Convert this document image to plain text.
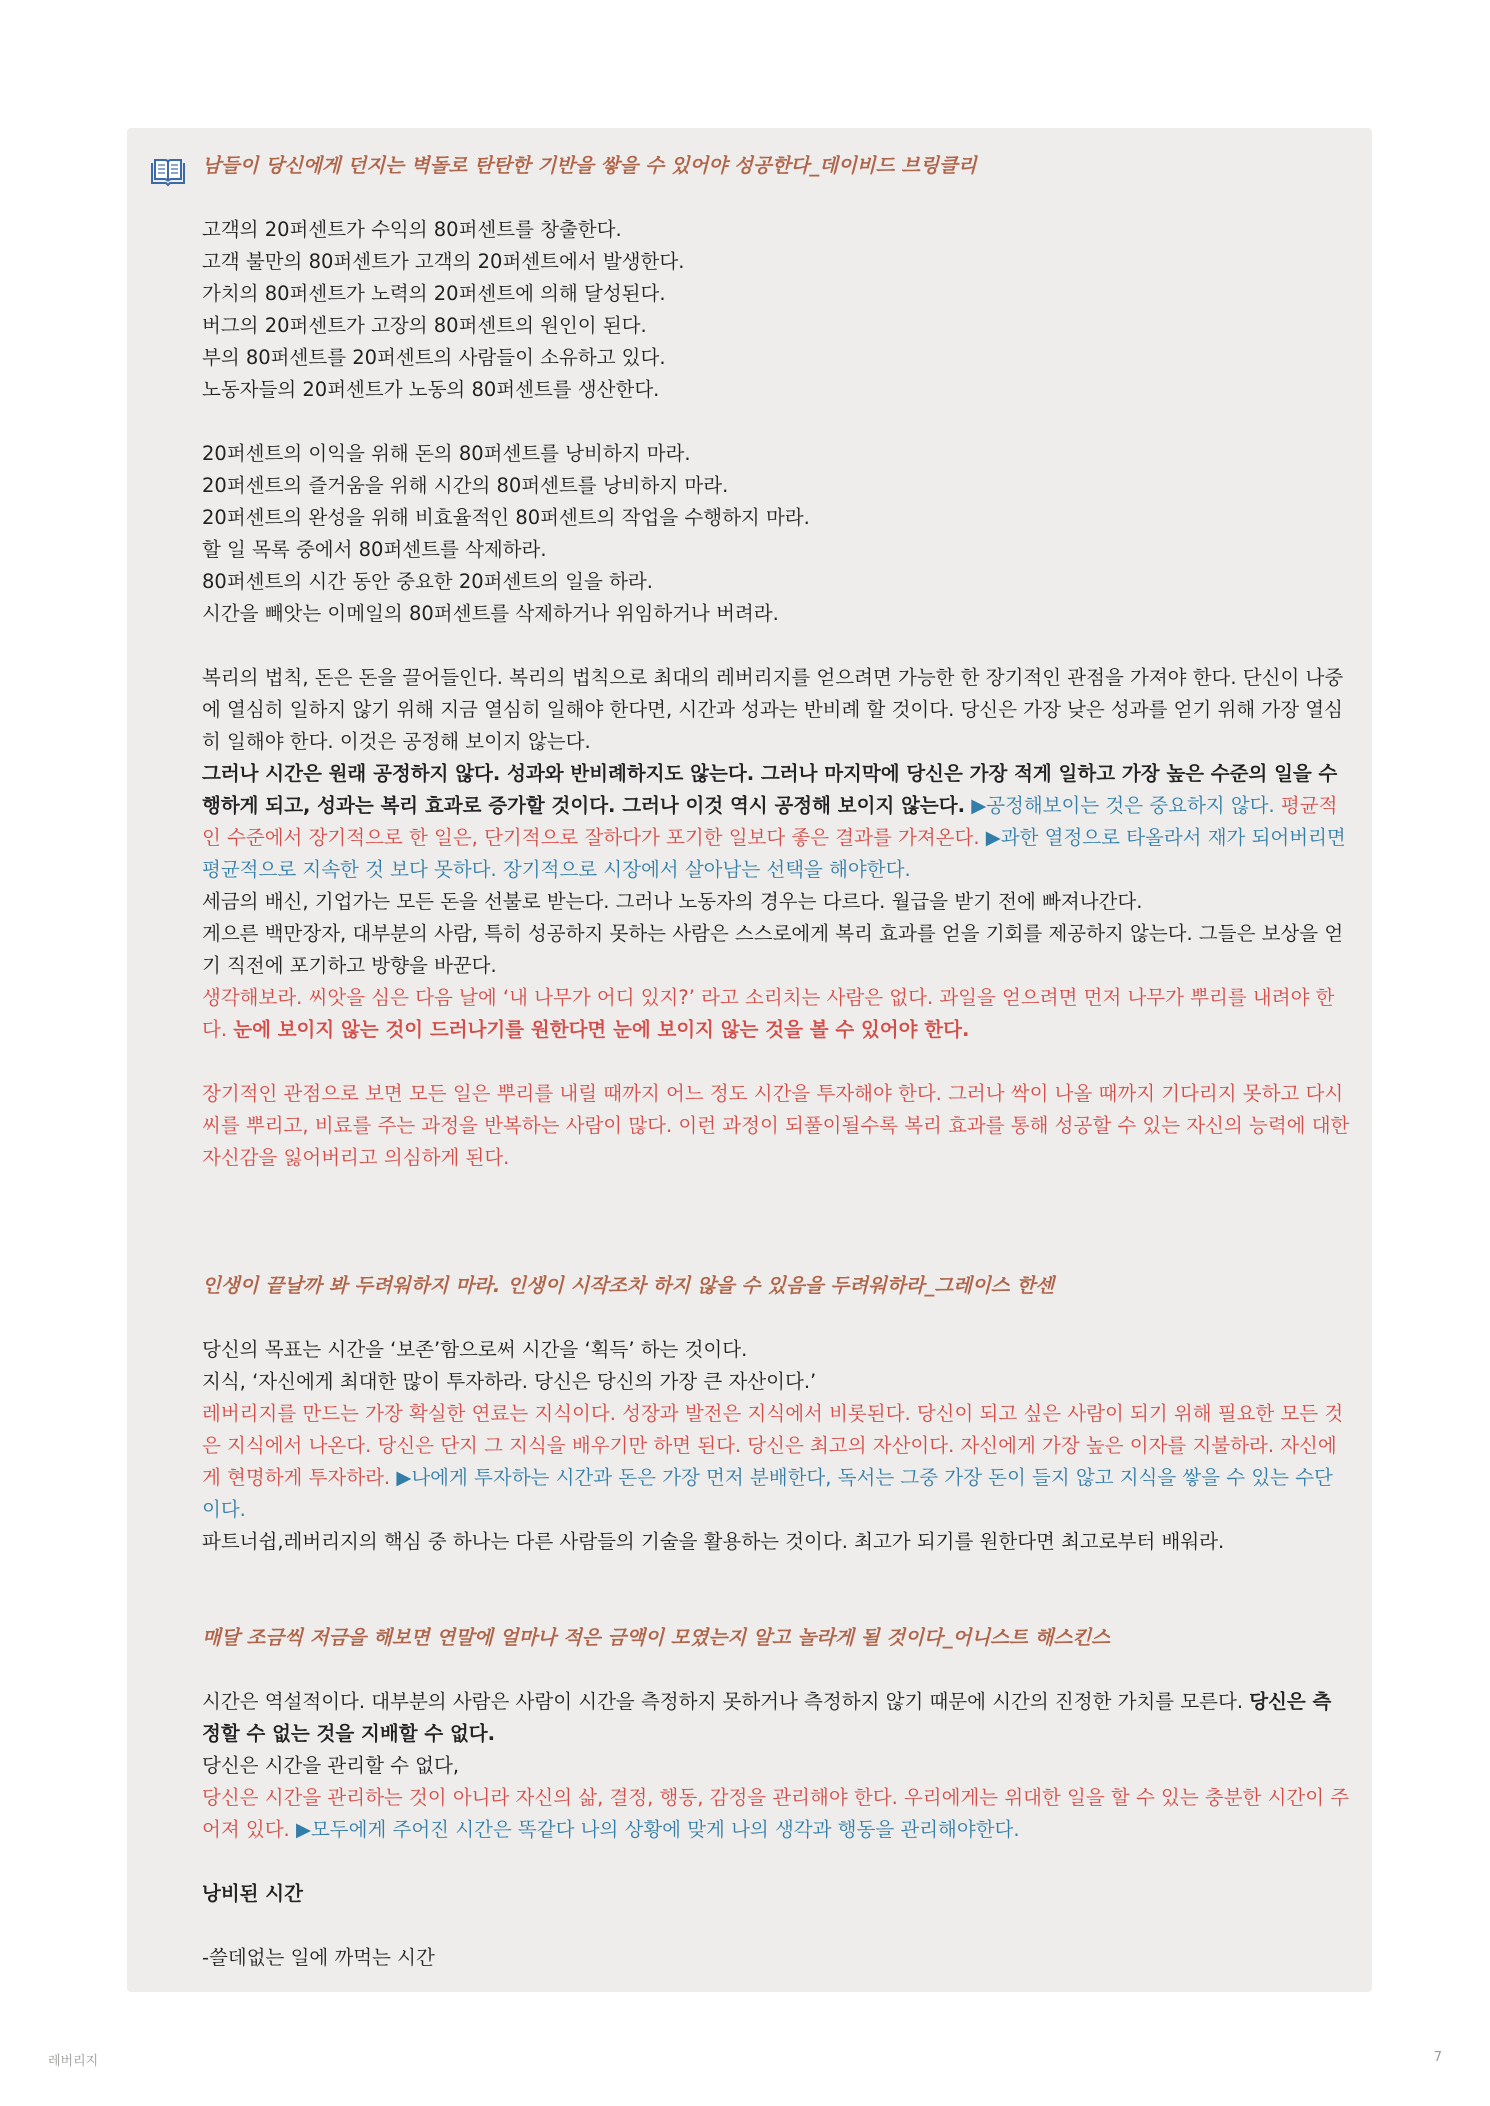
남들이 당신에게 던지는 벽돌로 탄탄한 기반을 쌓을 수 있어야 성공한다_데이비드 브링클리

고객의 20퍼센트가 수익의 80퍼센트를 창출한다.

고객 불만의 80퍼센트가 고객의 20퍼센트에서 발생한다.

가치의 80퍼센트가 노력의 20퍼센트에 의해 달성된다.

버그의 20퍼센트가 고장의 80퍼센트의 원인이 된다.

부의 80퍼센트를 20퍼센트의 사람들이 소유하고 있다.

노동자들의 20퍼센트가 노동의 80퍼센트를 생산한다.

20퍼센트의 이익을 위해 돈의 80퍼센트를 낭비하지 마라.

20퍼센트의 즐거움을 위해 시간의 80퍼센트를 낭비하지 마라.

20퍼센트의 완성을 위해 비효율적인 80퍼센트의 작업을 수행하지 마라.

할 일 목록 중에서 80퍼센트를 삭제하라.

80퍼센트의 시간 동안 중요한 20퍼센트의 일을 하라.

시간을 빼앗는 이메일의 80퍼센트를 삭제하거나 위임하거나 버려라.

복리의 법칙, 돈은 돈을 끌어들인다. 복리의 법칙으로 최대의 레버리지를 얻으려면 가능한 한 장기적인 관점을 가져야 한다. 단신이 나중에 열심히 일하지 않기 위해 지금 열심히 일해야 한다면, 시간과 성과는 반비례 할 것이다. 당신은 가장 낮은 성과를 얻기 위해 가장 열심히 일해야 한다. 이것은 공정해 보이지 않는다.

그러나 시간은 원래 공정하지 않다. 성과와 반비례하지도 않는다. 그러나 마지막에 당신은 가장 적게 일하고 가장 높은 수준의 일을 수행하게 되고, 성과는 복리 효과로 증가할 것이다. 그러나 이것 역시 공정해 보이지 않는다. ▶공정해보이는 것은 중요하지 않다. 평균적인 수준에서 장기적으로 한 일은, 단기적으로 잘하다가 포기한 일보다 좋은 결과를 가져온다. ▶과한 열정으로 타올라서 재가 되어버리면 평균적으로 지속한 것 보다 못하다. 장기적으로 시장에서 살아남는 선택을 해야한다.

세금의 배신, 기업가는 모든 돈을 선불로 받는다. 그러나 노동자의 경우는 다르다. 월급을 받기 전에 빠져나간다.

게으른 백만장자, 대부분의 사람, 특히 성공하지 못하는 사람은 스스로에게 복리 효과를 얻을 기회를 제공하지 않는다. 그들은 보상을 얻기 직전에 포기하고 방향을 바꾼다.

생각해보라. 씨앗을 심은 다음 날에 ‘내 나무가 어디 있지?’ 라고 소리치는 사람은 없다. 과일을 얻으려면 먼저 나무가 뿌리를 내려야 한다. 눈에 보이지 않는 것이 드러나기를 원한다면 눈에 보이지 않는 것을 볼 수 있어야 한다.

장기적인 관점으로 보면 모든 일은 뿌리를 내릴 때까지 어느 정도 시간을 투자해야 한다. 그러나 싹이 나올 때까지 기다리지 못하고 다시 씨를 뿌리고, 비료를 주는 과정을 반복하는 사람이 많다. 이런 과정이 되풀이될수록 복리 효과를 통해 성공할 수 있는 자신의 능력에 대한 자신감을 잃어버리고 의심하게 된다.

인생이 끝날까 봐 두려워하지 마라. 인생이 시작조차 하지 않을 수 있음을 두려워하라_그레이스 한센

당신의 목표는 시간을 ‘보존’함으로써 시간을 ‘획득’ 하는 것이다.

지식, ‘자신에게 최대한 많이 투자하라. 당신은 당신의 가장 큰 자산이다.’

레버리지를 만드는 가장 확실한 연료는 지식이다. 성장과 발전은 지식에서 비롯된다. 당신이 되고 싶은 사람이 되기 위해 필요한 모든 것은 지식에서 나온다. 당신은 단지 그 지식을 배우기만 하면 된다. 당신은 최고의 자산이다. 자신에게 가장 높은 이자를 지불하라. 자신에게 현명하게 투자하라. ▶나에게 투자하는 시간과 돈은 가장 먼저 분배한다, 독서는 그중 가장 돈이 들지 않고 지식을 쌓을 수 있는 수단이다.

파트너쉽,레버리지의 핵심 중 하나는 다른 사람들의 기술을 활용하는 것이다. 최고가 되기를 원한다면 최고로부터 배워라.

매달 조금씩 저금을 해보면 연말에 얼마나 적은 금액이 모였는지 알고 놀라게 될 것이다_어니스트 해스킨스

시간은 역설적이다. 대부분의 사람은 사람이 시간을 측정하지 못하거나 측정하지 않기 때문에 시간의 진정한 가치를 모른다. 당신은 측정할 수 없는 것을 지배할 수 없다.

당신은 시간을 관리할 수 없다,

당신은 시간을 관리하는 것이 아니라 자신의 삶, 결정, 행동, 감정을 관리해야 한다. 우리에게는 위대한 일을 할 수 있는 충분한 시간이 주어져 있다. ▶모두에게 주어진 시간은 똑같다 나의 상황에 맞게 나의 생각과 행동을 관리해야한다.

낭비된 시간

-쓸데없는 일에 까먹는 시간

레버리지	7
